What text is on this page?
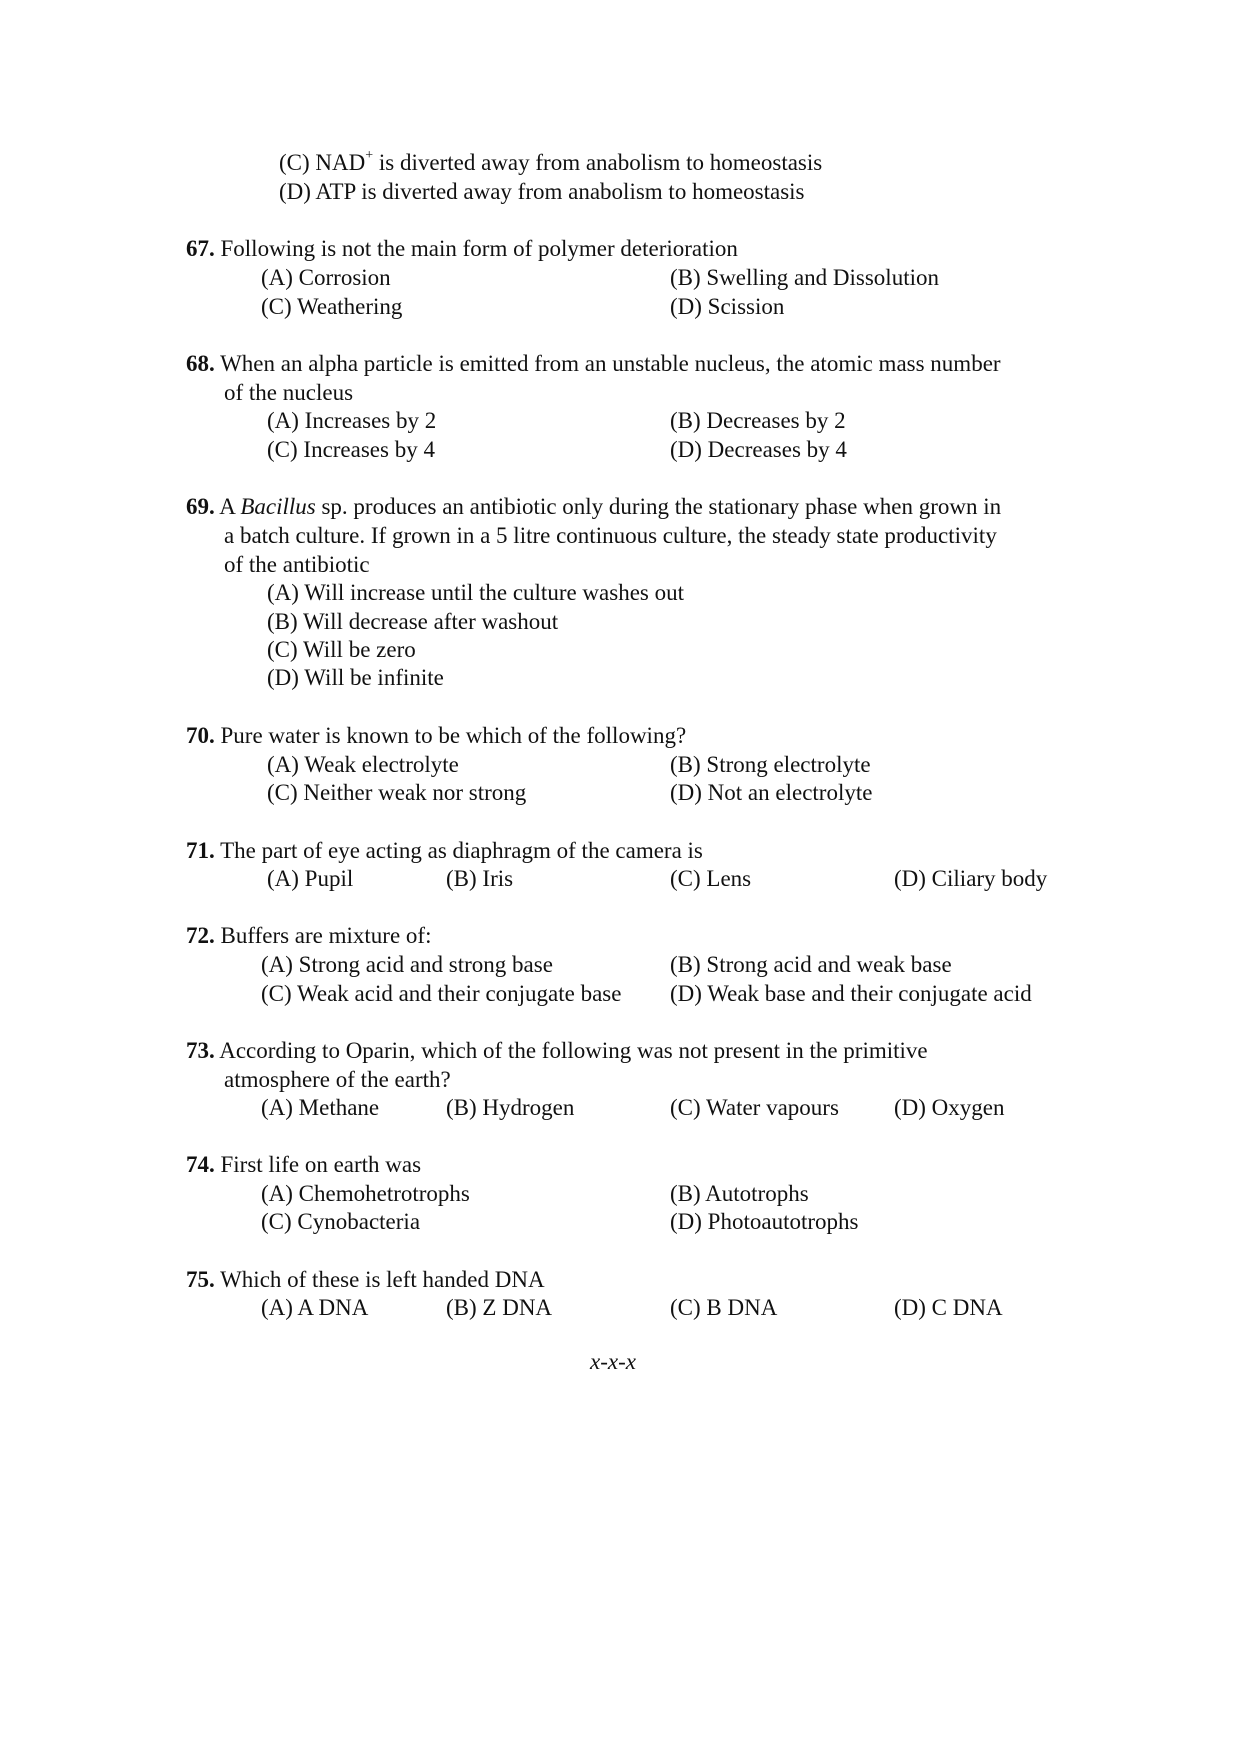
(C) NAD+ is diverted away from anabolism to homeostasis
(D) ATP is diverted away from anabolism to homeostasis
67. Following is not the main form of polymer deterioration
(A) Corrosion	(B) Swelling and Dissolution
(C) Weathering	(D) Scission
68. When an alpha particle is emitted from an unstable nucleus, the atomic mass number
of the nucleus
(A) Increases by 2	(B) Decreases by 2
(C) Increases by 4	(D) Decreases by 4
69. A Bacillus sp. produces an antibiotic only during the stationary phase when grown in
a batch culture. If grown in a 5 litre continuous culture, the steady state productivity
of the antibiotic
(A) Will increase until the culture washes out
(B) Will decrease after washout
(C) Will be zero
(D) Will be infinite
70. Pure water is known to be which of the following?
(A) Weak electrolyte	(B) Strong electrolyte
(C) Neither weak nor strong	(D) Not an electrolyte
71. The part of eye acting as diaphragm of the camera is
(A) Pupil	(B) Iris	(C) Lens	(D) Ciliary body
72. Buffers are mixture of:
(A) Strong acid and strong base	(B) Strong acid and weak base
(C) Weak acid and their conjugate base (D) Weak base and their conjugate acid
73. According to Oparin, which of the following was not present in the primitive
atmosphere of the earth?
(A) Methane	(B) Hydrogen	(C) Water vapours (D) Oxygen
74. First life on earth was
(A) Chemohetrotrophs	(B) Autotrophs
(C) Cynobacteria	(D) Photoautotrophs
75. Which of these is left handed DNA
(A) A DNA	(B) Z DNA	(C) B DNA	(D) C DNA
x-x-x
